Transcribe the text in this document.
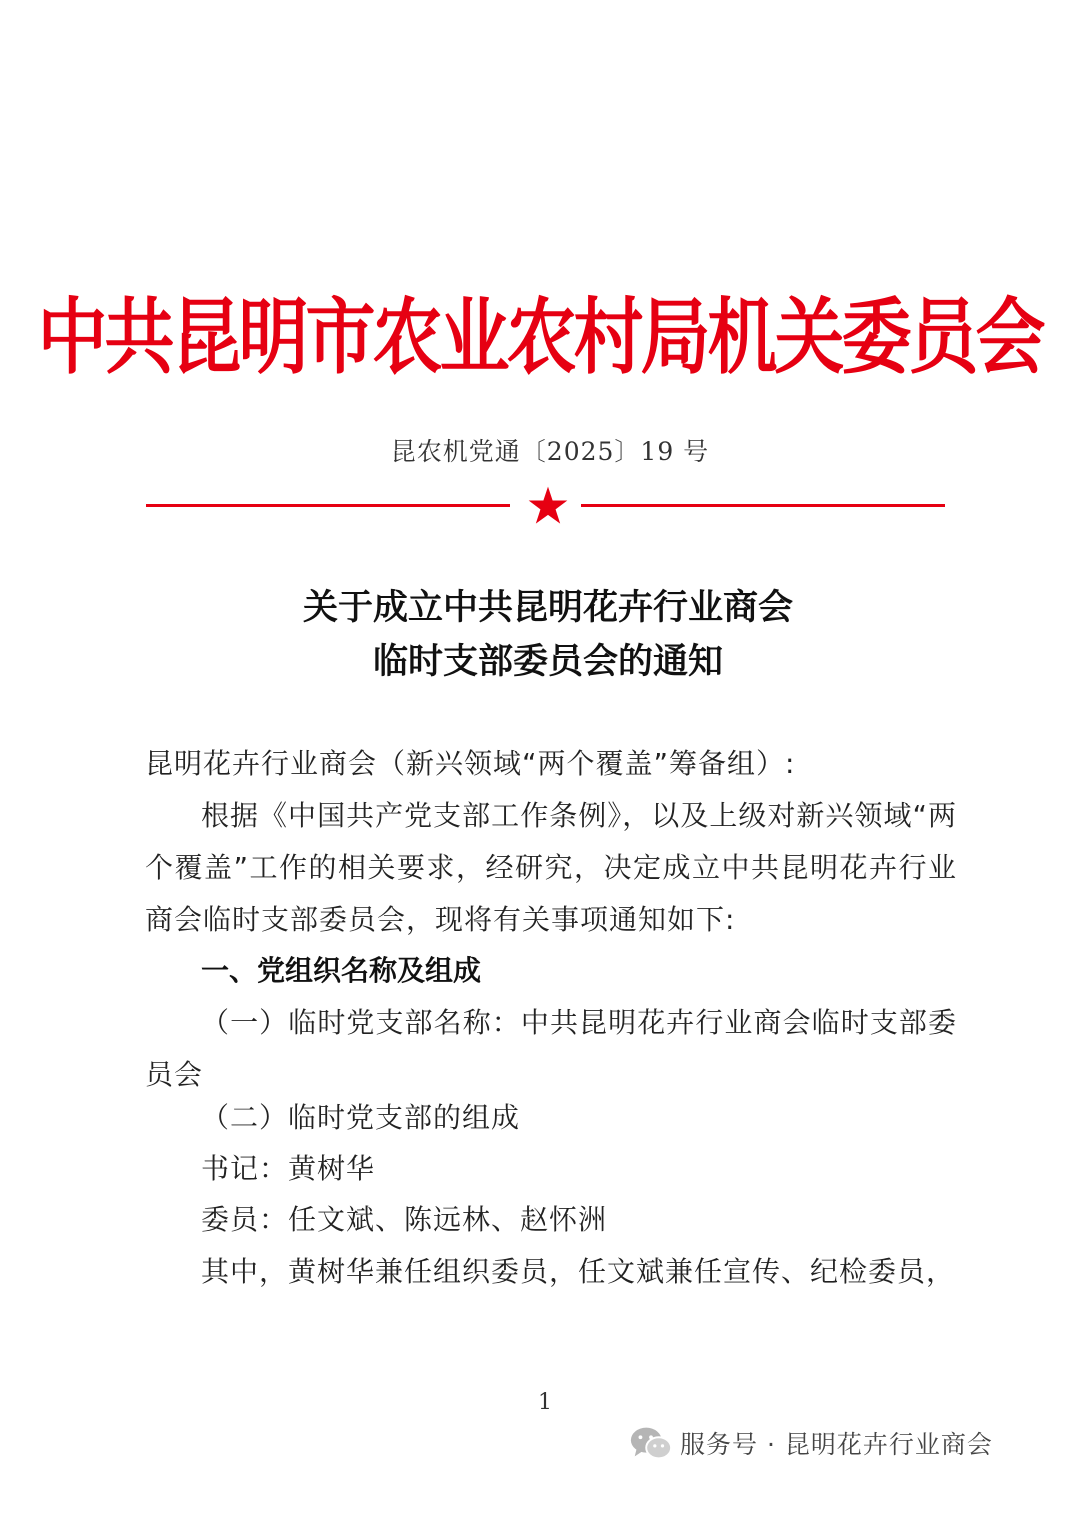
中共昆明市农业农村局机关委员会
昆农机党通〔2025〕19 号
关于成立中共昆明花卉行业商会
临时支部委员会的通知
昆明花卉行业商会（新兴领域“两个覆盖”筹备组）:
根据《中国共产党支部工作条例》，以及上级对新兴领域“两个覆盖”工作的相关要求，经研究，决定成立中共昆明花卉行业商会临时支部委员会，现将有关事项通知如下:
一、党组织名称及组成
（一）临时党支部名称：中共昆明花卉行业商会临时支部委员会
（二）临时党支部的组成
书记：黄树华
委员：任文斌、陈远林、赵怀洲
其中，黄树华兼任组织委员，任文斌兼任宣传、纪检委员，
1
服务号 · 昆明花卉行业商会
